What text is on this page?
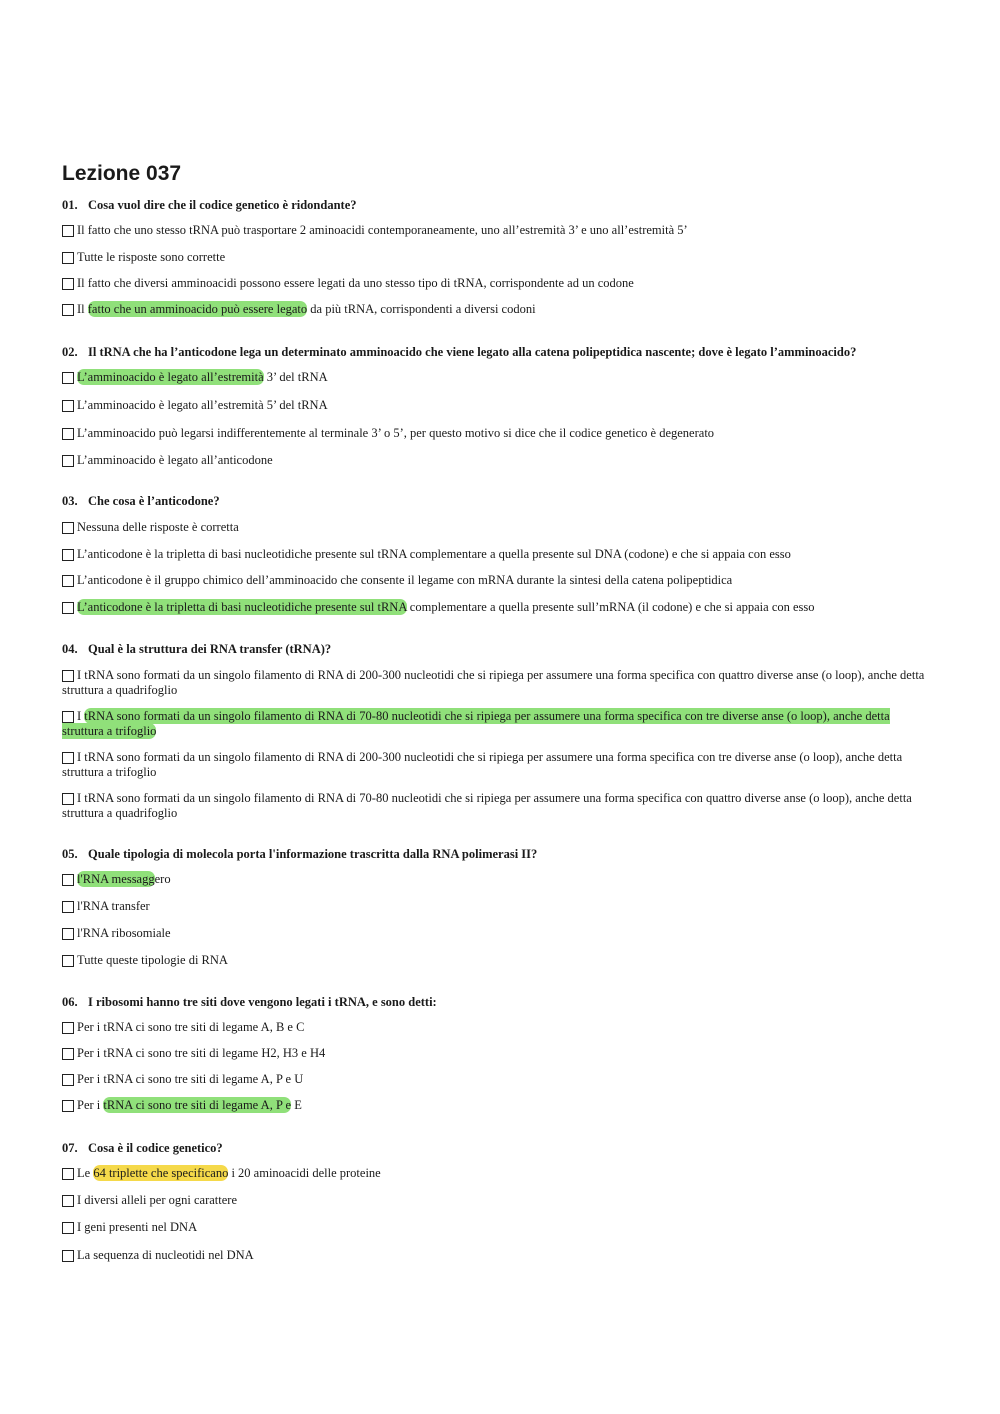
Lezione 037

01. Cosa vuol dire che il codice genetico è ridondante?

Il fatto che uno stesso tRNA può trasportare 2 aminoacidi contemporaneamente, uno all’estremità 3’ e uno all’estremità 5’

Tutte le risposte sono corrette

Il fatto che diversi amminoacidi possono essere legati da uno stesso tipo di tRNA, corrispondente ad un codone

Il fatto che un amminoacido può essere legato da più tRNA, corrispondenti a diversi codoni

02. Il tRNA che ha l’anticodone lega un determinato amminoacido che viene legato alla catena polipeptidica nascente; dove è legato l’amminoacido?

L’amminoacido è legato all’estremità 3’ del tRNA

L’amminoacido è legato all’estremità 5’ del tRNA

L’amminoacido può legarsi indifferentemente al terminale 3’ o 5’, per questo motivo si dice che il codice genetico è degenerato

L’amminoacido è legato all’anticodone

03. Che cosa è l’anticodone?

Nessuna delle risposte è corretta

L’anticodone è la tripletta di basi nucleotidiche presente sul tRNA complementare a quella presente sul DNA (codone) e che si appaia con esso

L’anticodone è il gruppo chimico dell’amminoacido che consente il legame con mRNA durante la sintesi della catena polipeptidica

L’anticodone è la tripletta di basi nucleotidiche presente sul tRNA complementare a quella presente sull’mRNA (il codone) e che si appaia con esso

04. Qual è la struttura dei RNA transfer (tRNA)?

I tRNA sono formati da un singolo filamento di RNA di 200-300 nucleotidi che si ripiega per assumere una forma specifica con quattro diverse anse (o loop), anche detta struttura a quadrifoglio

I tRNA sono formati da un singolo filamento di RNA di 70-80 nucleotidi che si ripiega per assumere una forma specifica con tre diverse anse (o loop), anche detta struttura a trifoglio

I tRNA sono formati da un singolo filamento di RNA di 200-300 nucleotidi che si ripiega per assumere una forma specifica con tre diverse anse (o loop), anche detta struttura a trifoglio

I tRNA sono formati da un singolo filamento di RNA di 70-80 nucleotidi che si ripiega per assumere una forma specifica con quattro diverse anse (o loop), anche detta struttura a quadrifoglio

05. Quale tipologia di molecola porta l'informazione trascritta dalla RNA polimerasi II?

l'RNA messaggero

l'RNA transfer

l'RNA ribosomiale

Tutte queste tipologie di RNA

06. I ribosomi hanno tre siti dove vengono legati i tRNA, e sono detti:

Per i tRNA ci sono tre siti di legame A, B e C

Per i tRNA ci sono tre siti di legame H2, H3 e H4

Per i tRNA ci sono tre siti di legame A, P e U

Per i tRNA ci sono tre siti di legame A, P e E

07. Cosa è il codice genetico?

Le 64 triplette che specificano i 20 aminoacidi delle proteine

I diversi alleli per ogni carattere

I geni presenti nel DNA

La sequenza di nucleotidi nel DNA
